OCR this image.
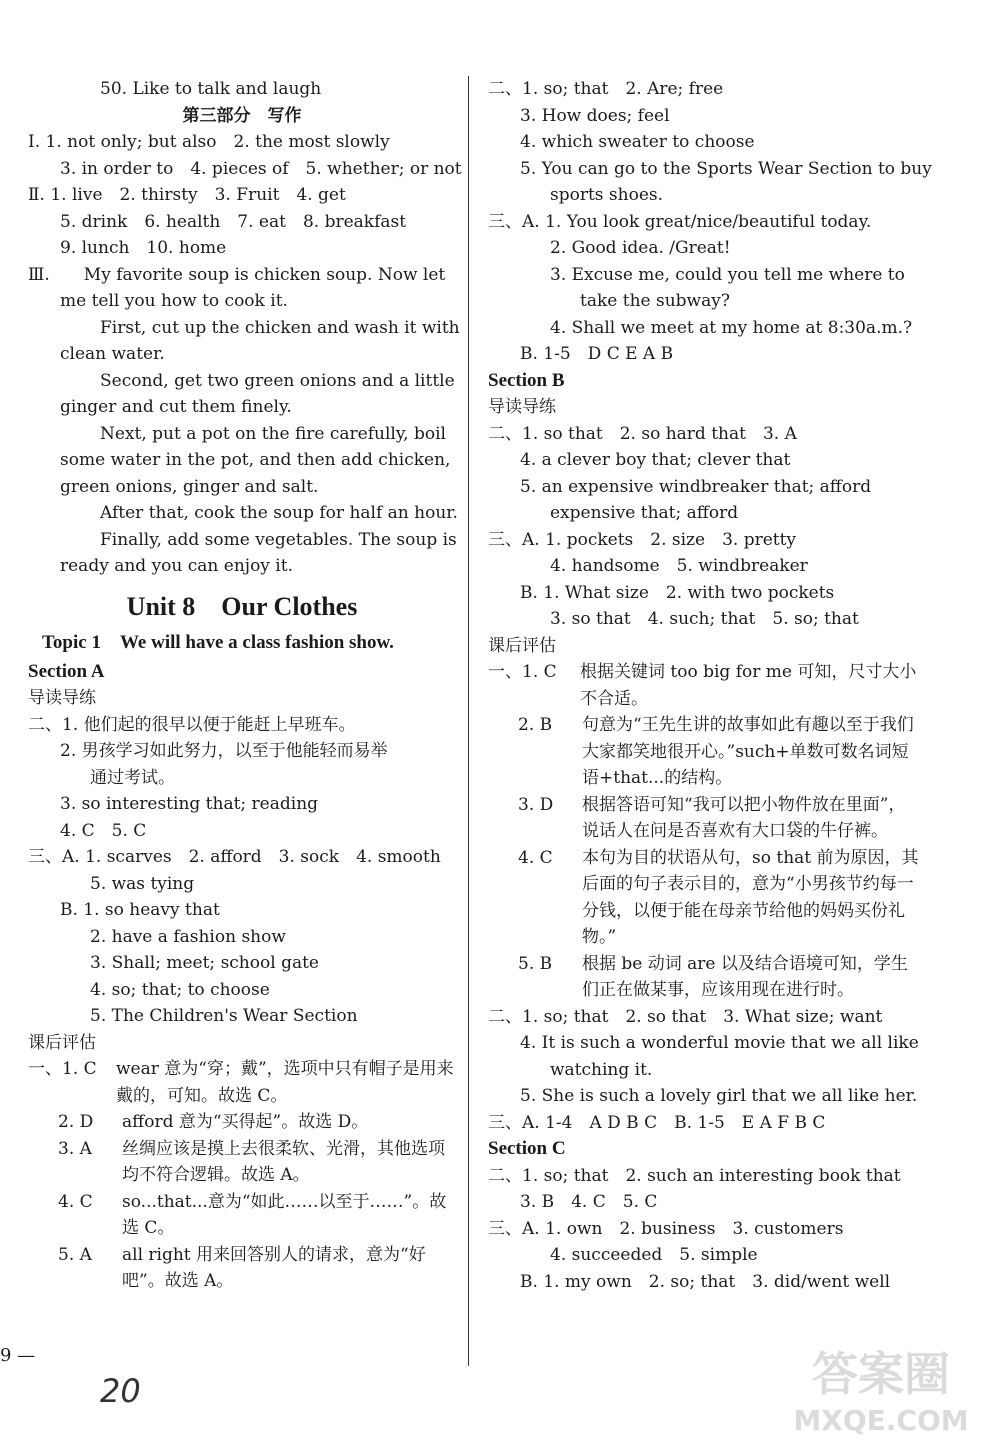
50. Like to talk and laugh
第三部分　写作
Ⅰ. 1. not only; but also　2. the most slowly
3. in order to　4. pieces of　5. whether; or not
Ⅱ. 1. live　2. thirsty　3. Fruit　4. get
5. drink　6. health　7. eat　8. breakfast
9. lunch　10. home
Ⅲ.　　My favorite soup is chicken soup. Now let
me tell you how to cook it.
First, cut up the chicken and wash it with
clean water.
Second, get two green onions and a little
ginger and cut them finely.
Next, put a pot on the fire carefully, boil
some water in the pot, and then add chicken,
green onions, ginger and salt.
After that, cook the soup for half an hour.
Finally, add some vegetables. The soup is
ready and you can enjoy it.
Unit 8　Our Clothes
Topic 1　We will have a class fashion show.
Section A
导读导练
二、1. 他们起的很早以便于能赶上早班车。
2. 男孩学习如此努力，以至于他能轻而易举
通过考试。
3. so interesting that; reading
4. C　5. C
三、A. 1. scarves　2. afford　3. sock　4. smooth
5. was tying
B. 1. so heavy that
2. have a fashion show
3. Shall; meet; school gate
4. so; that; to choose
5. The Children's Wear Section
课后评估
一、1. C wear 意为“穿；戴”，选项中只有帽子是用来戴的，可知。故选 C。
2. D	afford 意为“买得起”。故选 D。
3. A	丝绸应该是摸上去很柔软、光滑，其他选项均不符合逻辑。故选 A。
4. C	so...that...意为“如此……以至于……”。故选 C。
5. A	all right 用来回答别人的请求，意为“好吧”。故选 A。
二、1. so; that　2. Are; free
3. How does; feel
4. which sweater to choose
5. You can go to the Sports Wear Section to buy
sports shoes.
三、A. 1. You look great/nice/beautiful today.
2. Good idea. /Great!
3. Excuse me, could you tell me where to
take the subway?
4. Shall we meet at my home at 8:30a.m.?
B. 1-5　D C E A B
Section B
导读导练
二、1. so that　2. so hard that　3. A
4. a clever boy that; clever that
5. an expensive windbreaker that; afford
expensive that; afford
三、A. 1. pockets　2. size　3. pretty
4. handsome　5. windbreaker
B. 1. What size　2. with two pockets
3. so that　4. such; that　5. so; that
课后评估
一、1. C 根据关键词 too big for me 可知，尺寸大小不合适。
2. B	句意为“王先生讲的故事如此有趣以至于我们大家都笑地很开心。”such+单数可数名词短语+that...的结构。
3. D	根据答语可知“我可以把小物件放在里面”，说话人在问是否喜欢有大口袋的牛仔裤。
4. C	本句为目的状语从句，so that 前为原因，其后面的句子表示目的，意为“小男孩节约每一分钱，以便于能在母亲节给他的妈妈买份礼物。”
5. B	根据 be 动词 are 以及结合语境可知，学生们正在做某事，应该用现在进行时。
二、1. so; that　2. so that　3. What size; want
4. It is such a wonderful movie that we all like
watching it.
5. She is such a lovely girl that we all like her.
三、A. 1-4　A D B C　B. 1-5　E A F B C
Section C
二、1. so; that　2. such an interesting book that
3. B　4. C　5. C
三、A. 1. own　2. business　3. customers
4. succeeded　5. simple
B. 1. my own　2. so; that　3. did/went well
9 —
20	答案圈
MXQE.COM
